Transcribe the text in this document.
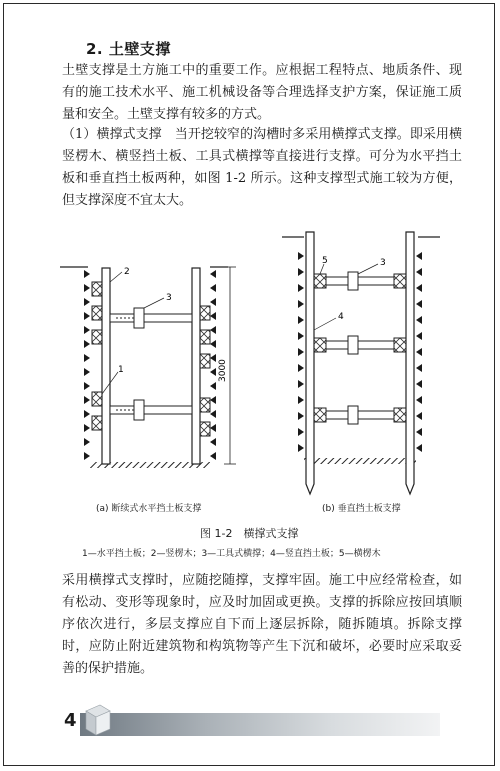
2. 土壁支撑

土壁支撑是土方施工中的重要工作。应根据工程特点、地质条件、现有的施工技术水平、施工机械设备等合理选择支护方案，保证施工质量和安全。土壁支撑有较多的方式。

（1）横撑式支撑　当开挖较窄的沟槽时多采用横撑式支撑。即采用横竖楞木、横竖挡土板、工具式横撑等直接进行支撑。可分为水平挡土板和垂直挡土板两种，如图 1-2 所示。这种支撑型式施工较为方便，但支撑深度不宜太大。

3000
2
3
1
5	3
4
(a) 断续式水平挡土板支撑	(b) 垂直挡土板支撑
图 1-2　横撑式支撑
1—水平挡土板；2—竖楞木；3—工具式横撑；4—竖直挡土板；5—横楞木

采用横撑式支撑时，应随挖随撑，支撑牢固。施工中应经常检查，如有松动、变形等现象时，应及时加固或更换。支撑的拆除应按回填顺序依次进行，多层支撑应自下而上逐层拆除，随拆随填。拆除支撑时，应防止附近建筑物和构筑物等产生下沉和破坏，必要时应采取妥善的保护措施。

4
